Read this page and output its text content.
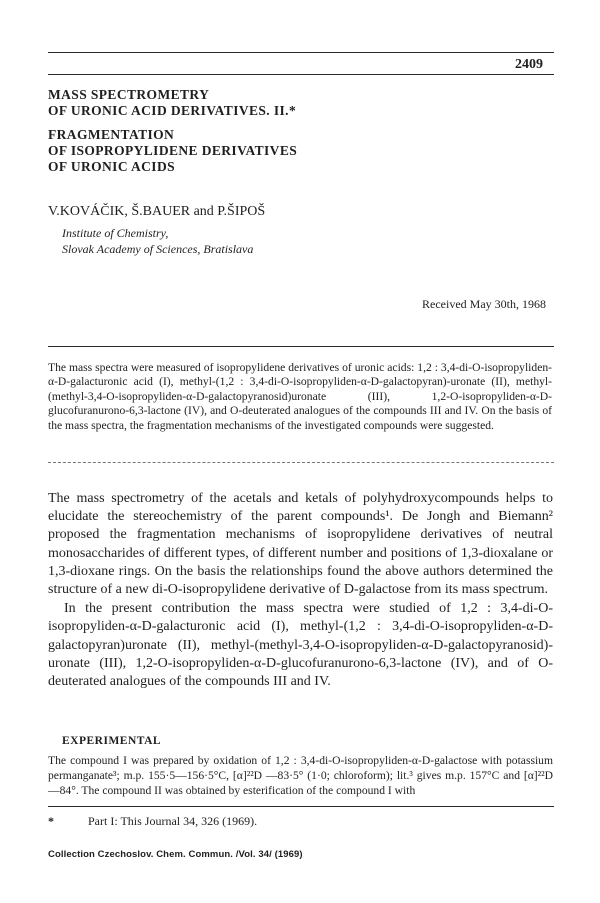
2409
MASS SPECTROMETRY
OF URONIC ACID DERIVATIVES. II.*
FRAGMENTATION
OF ISOPROPYLIDENE DERIVATIVES
OF URONIC ACIDS
V.KOVÁČIK, Š.BAUER and P.ŠIPOŠ
Institute of Chemistry,
Slovak Academy of Sciences, Bratislava
Received May 30th, 1968
The mass spectra were measured of isopropylidene derivatives of uronic acids: 1,2 : 3,4-di-O-isopropyliden-α-D-galacturonic acid (I), methyl-(1,2 : 3,4-di-O-isopropyliden-α-D-galactopyran)-uronate (II), methyl-(methyl-3,4-O-isopropyliden-α-D-galactopyranosid)uronate (III), 1,2-O-isopropyliden-α-D-glucofuranurono-6,3-lactone (IV), and O-deuterated analogues of the compounds III and IV. On the basis of the mass spectra, the fragmentation mechanisms of the investigated compounds were suggested.

The mass spectrometry of the acetals and ketals of polyhydroxycompounds helps to elucidate the stereochemistry of the parent compounds¹. De Jongh and Biemann² proposed the fragmentation mechanisms of isopropylidene derivatives of neutral monosaccharides of different types, of different number and positions of 1,3-dioxalane or 1,3-dioxane rings. On the basis the relationships found the above authors determined the structure of a new di-O-isopropylidene derivative of D-galactose from its mass spectrum.

In the present contribution the mass spectra were studied of 1,2 : 3,4-di-O-isopropyliden-α-D-galacturonic acid (I), methyl-(1,2 : 3,4-di-O-isopropyliden-α-D-galactopyran)uronate (II), methyl-(methyl-3,4-O-isopropyliden-α-D-galactopyranosid)-uronate (III), 1,2-O-isopropyliden-α-D-glucofuranurono-6,3-lactone (IV), and of O-deuterated analogues of the compounds III and IV.

EXPERIMENTAL
The compound I was prepared by oxidation of 1,2 : 3,4-di-O-isopropyliden-α-D-galactose with potassium permanganate³; m.p. 155·5—156·5°C, [α]²²D —83·5° (1·0; chloroform); lit.³ gives m.p. 157°C and [α]²²D —84°. The compound II was obtained by esterification of the compound I with
*	Part I: This Journal 34, 326 (1969).
Collection Czechoslov. Chem. Commun. /Vol. 34/ (1969)
